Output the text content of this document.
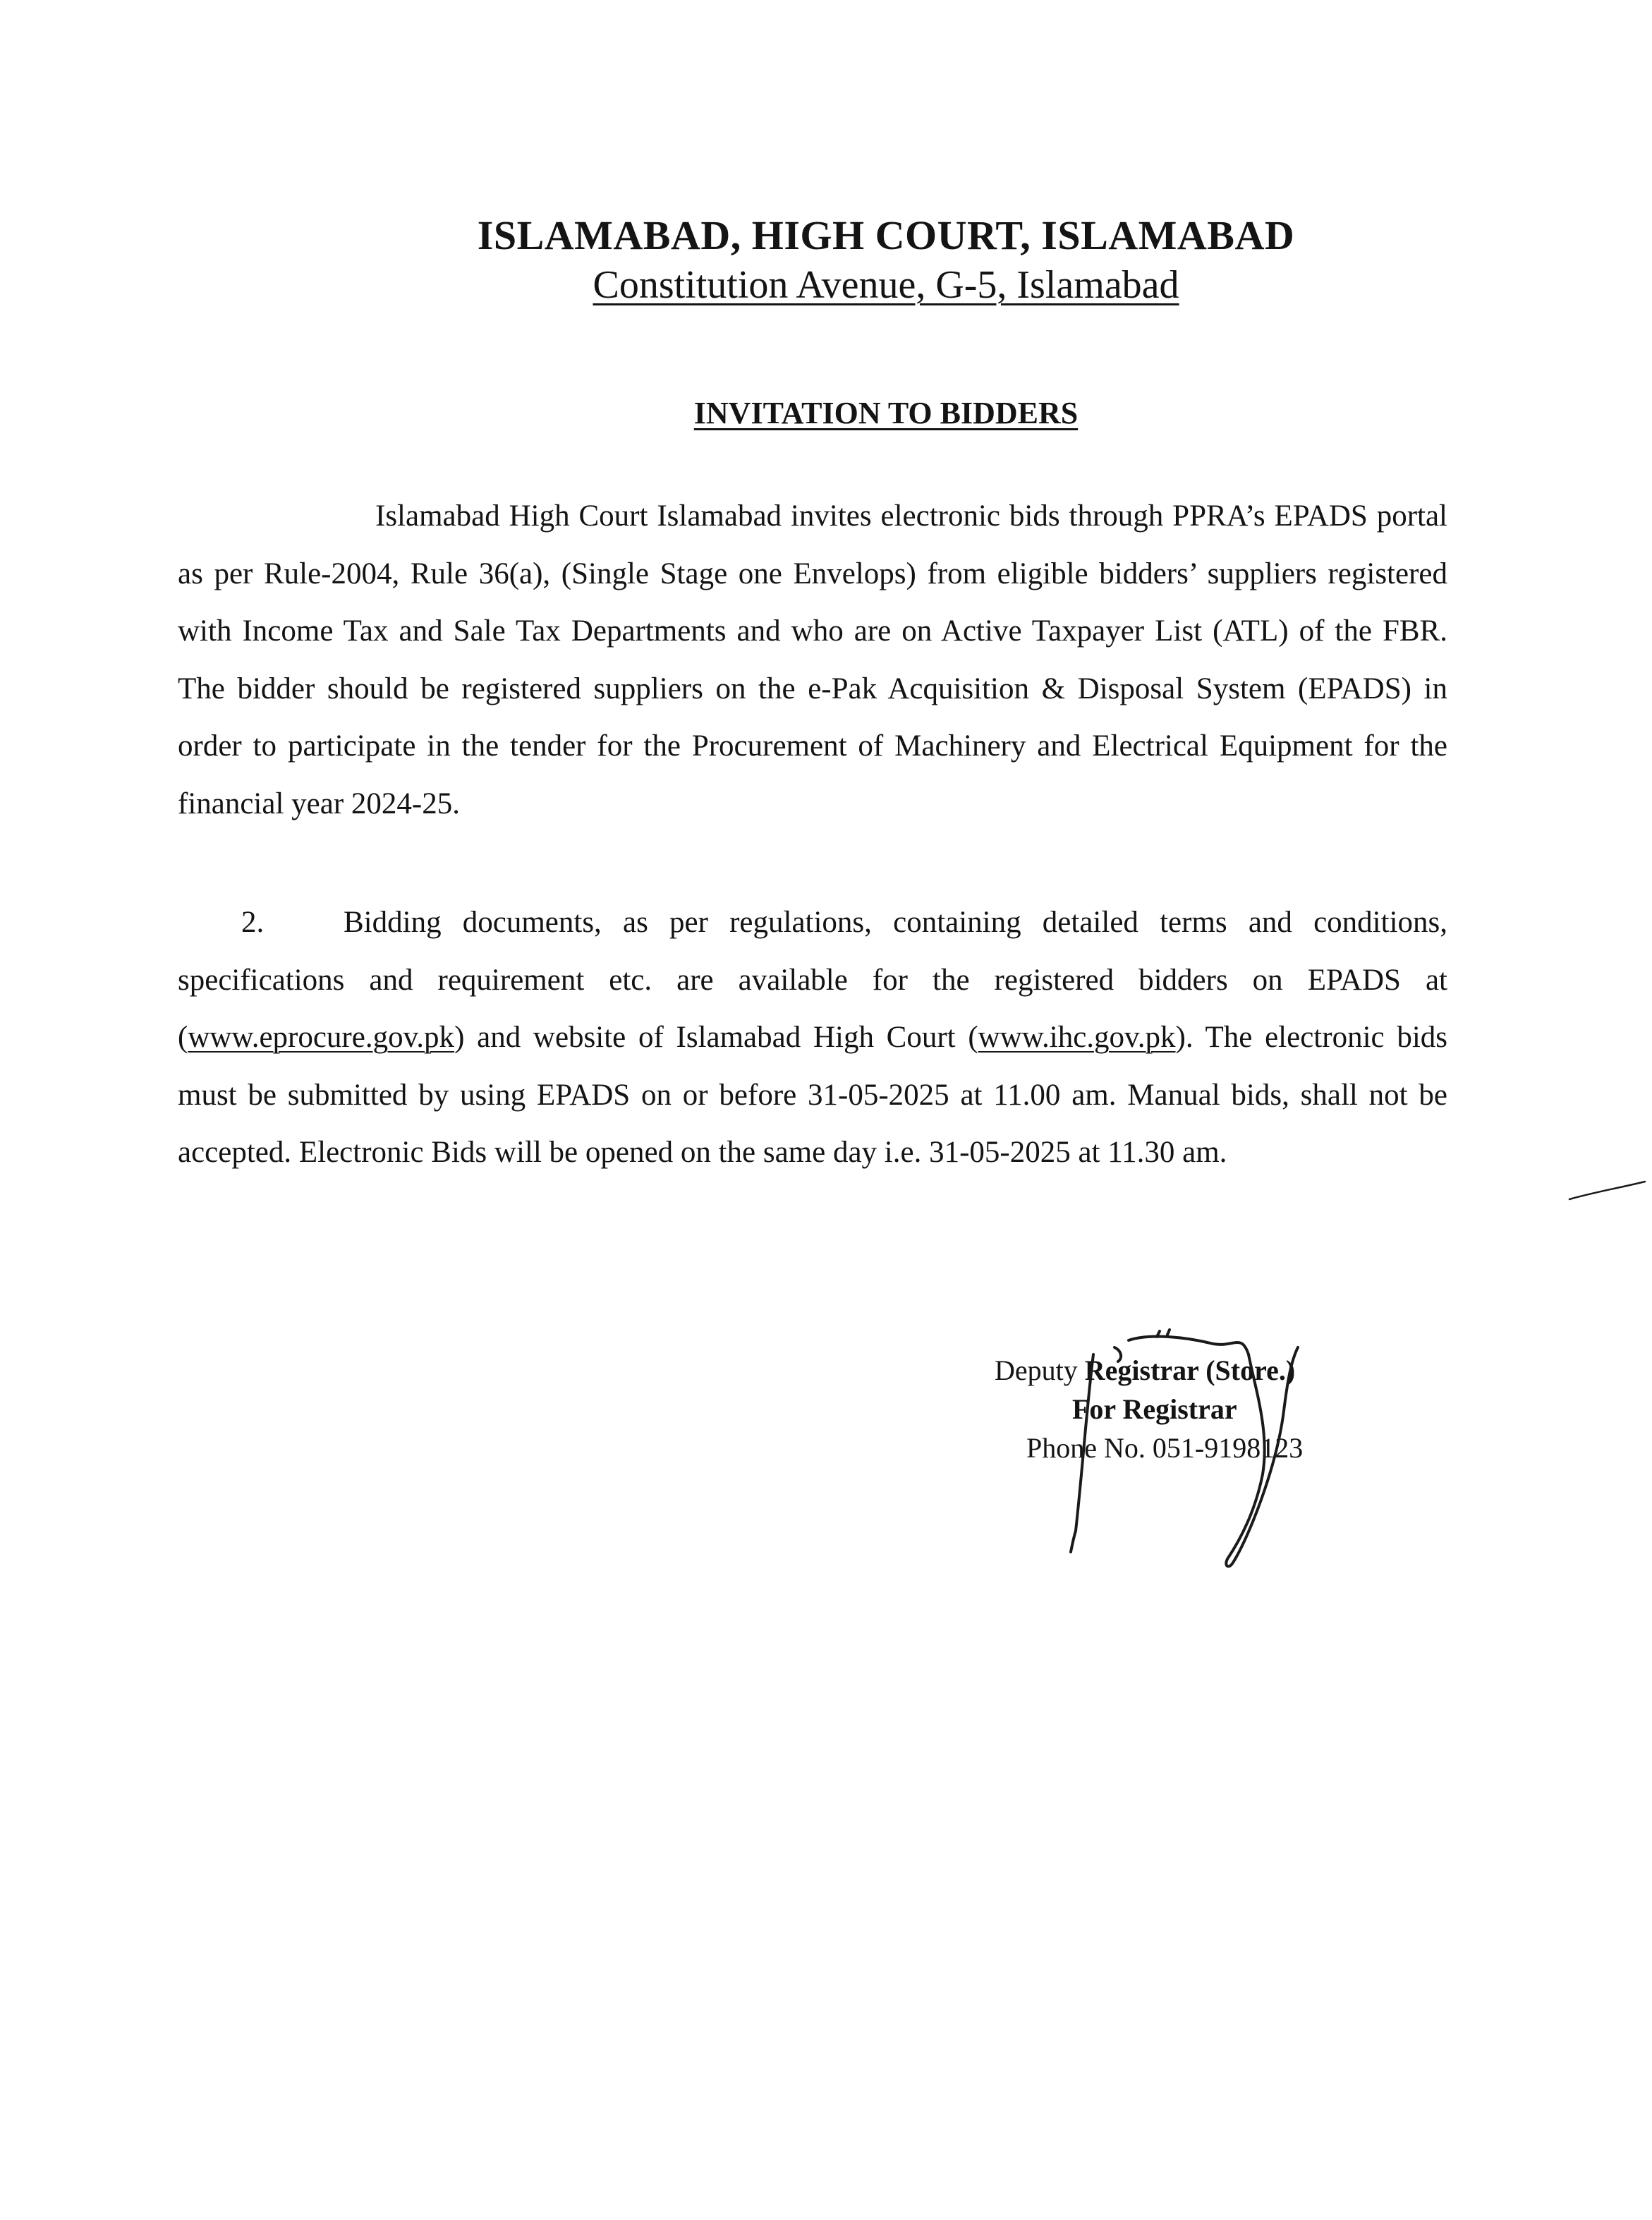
ISLAMABAD, HIGH COURT, ISLAMABAD
Constitution Avenue, G-5, Islamabad
INVITATION TO BIDDERS
Islamabad High Court Islamabad invites electronic bids through PPRA’s EPADS portal as per Rule-2004, Rule 36(a), (Single Stage one Envelops) from eligible bidders’ suppliers registered with Income Tax and Sale Tax Departments and who are on Active Taxpayer List (ATL) of the FBR. The bidder should be registered suppliers on the e-Pak Acquisition & Disposal System (EPADS) in order to participate in the tender for the Procurement of Machinery and Electrical Equipment for the financial year 2024-25.
2.	Bidding documents, as per regulations, containing detailed terms and conditions, specifications and requirement etc. are available for the registered bidders on EPADS at (www.eprocure.gov.pk) and website of Islamabad High Court (www.ihc.gov.pk). The electronic bids must be submitted by using EPADS on or before 31-05-2025 at 11.00 am. Manual bids, shall not be accepted. Electronic Bids will be opened on the same day i.e. 31-05-2025 at 11.30 am.
Deputy Registrar (Store.)
For Registrar
Phone No. 051-9198123
